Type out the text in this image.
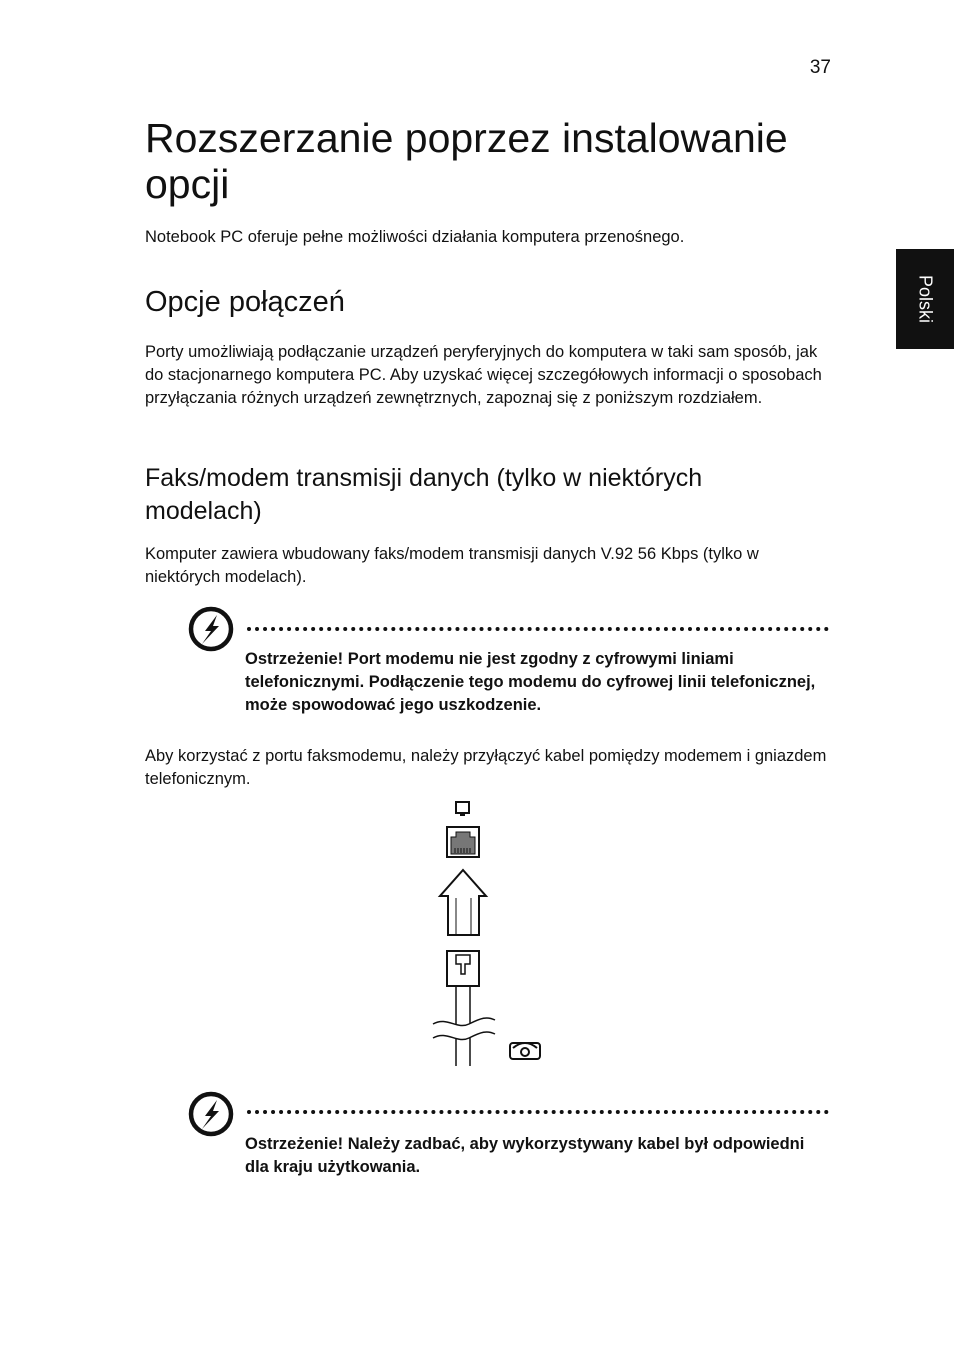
37
Rozszerzanie poprzez instalowanie opcji

Notebook PC oferuje pełne możliwości działania komputera przenośnego.

Polski
Opcje połączeń

Porty umożliwiają podłączanie urządzeń peryferyjnych do komputera w taki sam sposób, jak do stacjonarnego komputera PC. Aby uzyskać więcej szczegółowych informacji o sposobach przyłączania różnych urządzeń zewnętrznych, zapoznaj się z poniższym rozdziałem.

Faks/modem transmisji danych (tylko w niektórych modelach)

Komputer zawiera wbudowany faks/modem transmisji danych V.92 56 Kbps (tylko w niektórych modelach).

Ostrzeżenie! Port modemu nie jest zgodny z cyfrowymi liniami telefonicznymi. Podłączenie tego modemu do cyfrowej linii telefonicznej, może spowodować jego uszkodzenie.

Aby korzystać z portu faksmodemu, należy przyłączyć kabel pomiędzy modemem i gniazdem telefonicznym.

Ostrzeżenie! Należy zadbać, aby wykorzystywany kabel był odpowiedni dla kraju użytkowania.
